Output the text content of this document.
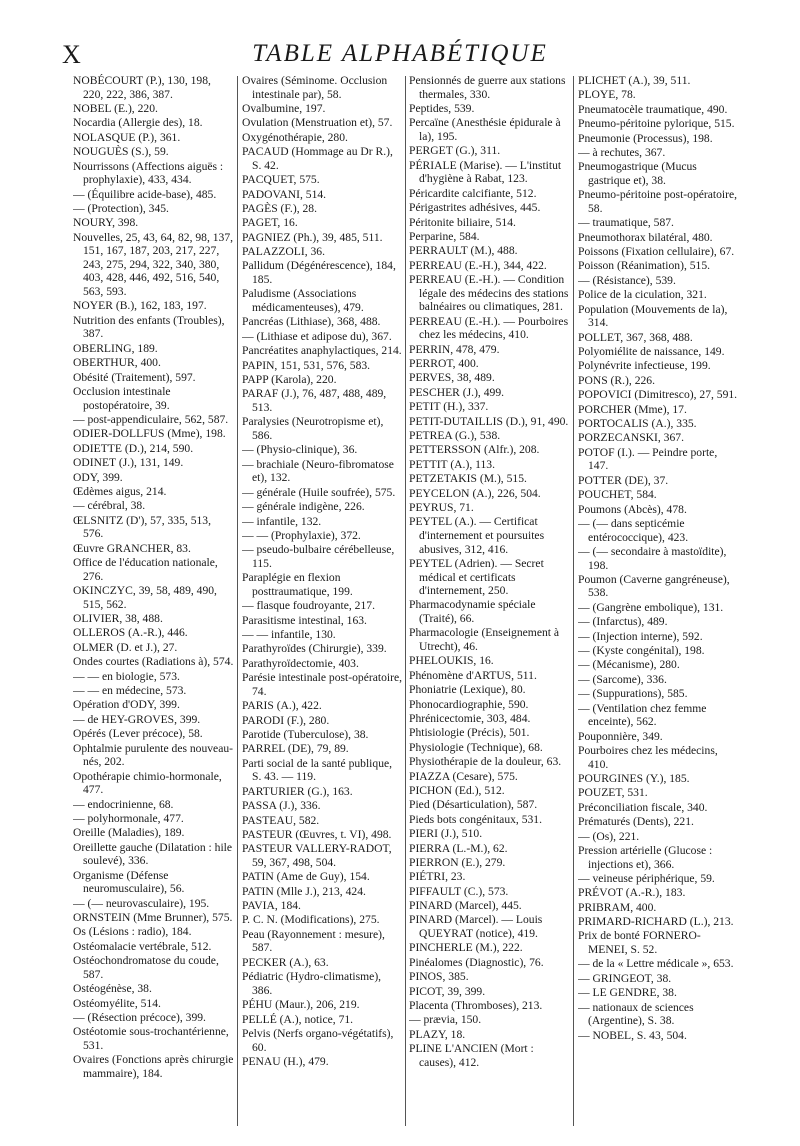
X	TABLE ALPHABÉTIQUE
NOBÉCOURT (P.), 130, 198, 220, 222, 386, 387.
NOBEL (E.), 220.
Nocardia (Allergie des), 18.
NOLASQUE (P.), 361.
NOUGUÈS (S.), 59.
Nourrissons (Affections aiguës : prophylaxie), 433, 434.
— (Équilibre acide-base), 485.
— (Protection), 345.
NOURY, 398.
Nouvelles, 25, 43, 64, 82, 98, 137, 151, 167, 187, 203, 217, 227, 243, 275, 294, 322, 340, 380, 403, 428, 446, 492, 516, 540, 563, 593.
NOYER (B.), 162, 183, 197.
Nutrition des enfants (Troubles), 387.
OBERLING, 189.
OBERTHUR, 400.
Obésité (Traitement), 597.
Occlusion intestinale postopératoire, 39.
— post-appendiculaire, 562, 587.
ODIER-DOLLFUS (Mme), 198.
ODIETTE (D.), 214, 590.
ODINET (J.), 131, 149.
ODY, 399.
Œdèmes aigus, 214.
— cérébral, 38.
ŒLSNITZ (D'), 57, 335, 513, 576.
Œuvre GRANCHER, 83.
Office de l'éducation nationale, 276.
OKINCZYC, 39, 58, 489, 490, 515, 562.
OLIVIER, 38, 488.
OLLEROS (A.-R.), 446.
OLMER (D. et J.), 27.
Ondes courtes (Radiations à), 574.
— — en biologie, 573.
— — en médecine, 573.
Opération d'ODY, 399.
— de HEY-GROVES, 399.
Opérés (Lever précoce), 58.
Ophtalmie purulente des nouveau-nés, 202.
Opothérapie chimio-hormonale, 477.
— endocrinienne, 68.
— polyhormonale, 477.
Oreille (Maladies), 189.
Oreillette gauche (Dilatation : hile soulevé), 336.
Organisme (Défense neuromusculaire), 56.
— (— neurovasculaire), 195.
ORNSTEIN (Mme Brunner), 575.
Os (Lésions : radio), 184.
Ostéomalacie vertébrale, 512.
Ostéochondromatose du coude, 587.
Ostéogénèse, 38.
Ostéomyélite, 514.
— (Résection précoce), 399.
Ostéotomie sous-trochantérienne, 531.
Ovaires (Fonctions après chirurgie mammaire), 184.
Ovaires (Séminome. Occlusion intestinale par), 58.
Ovalbumine, 197.
Ovulation (Menstruation et), 57.
Oxygénothérapie, 280.
PACAUD (Hommage au Dr R.), S. 42.
PACQUET, 575.
PADOVANI, 514.
PAGÈS (F.), 28.
PAGET, 16.
PAGNIEZ (Ph.), 39, 485, 511.
PALAZZOLI, 36.
Pallidum (Dégénérescence), 184, 185.
Paludisme (Associations médicamenteuses), 479.
Pancréas (Lithiase), 368, 488.
— (Lithiase et adipose du), 367.
Pancréatites anaphylactiques, 214.
PAPIN, 151, 531, 576, 583.
PAPP (Karola), 220.
PARAF (J.), 76, 487, 488, 489, 513.
Paralysies (Neurotropisme et), 586.
— (Physio-clinique), 36.
— brachiale (Neuro-fibromatose et), 132.
— générale (Huile soufrée), 575.
— générale indigène, 226.
— infantile, 132.
— — (Prophylaxie), 372.
— pseudo-bulbaire cérébelleuse, 115.
Paraplégie en flexion posttraumatique, 199.
— flasque foudroyante, 217.
Parasitisme intestinal, 163.
— — infantile, 130.
Parathyroïdes (Chirurgie), 339.
Parathyroïdectomie, 403.
Parésie intestinale post-opératoire, 74.
PARIS (A.), 422.
PARODI (F.), 280.
Parotide (Tuberculose), 38.
PARREL (DE), 79, 89.
Parti social de la santé publique, S. 43. — 119.
PARTURIER (G.), 163.
PASSA (J.), 336.
PASTEAU, 582.
PASTEUR (Œuvres, t. VI), 498.
PASTEUR VALLERY-RADOT, 59, 367, 498, 504.
PATIN (Ame de Guy), 154.
PATIN (Mlle J.), 213, 424.
PAVIA, 184.
P. C. N. (Modifications), 275.
Peau (Rayonnement : mesure), 587.
PECKER (A.), 63.
Pédiatric (Hydro-climatisme), 386.
PÉHU (Maur.), 206, 219.
PELLÉ (A.), notice, 71.
Pelvis (Nerfs organo-végétatifs), 60.
PENAU (H.), 479.
Pensionnés de guerre aux stations thermales, 330.
Peptides, 539.
Percaïne (Anesthésie épidurale à la), 195.
PERGET (G.), 311.
PÉRIALE (Marise). — L'institut d'hygiène à Rabat, 123.
Péricardite calcifiante, 512.
Périgastrites adhésives, 445.
Péritonite biliaire, 514.
Perparine, 584.
PERRAULT (M.), 488.
PERREAU (E.-H.), 344, 422.
PERREAU (E.-H.). — Condition légale des médecins des stations balnéaires ou climatiques, 281.
PERREAU (E.-H.). — Pourboires chez les médecins, 410.
PERRIN, 478, 479.
PERROT, 400.
PERVES, 38, 489.
PESCHER (J.), 499.
PETIT (H.), 337.
PETIT-DUTAILLIS (D.), 91, 490.
PETREA (G.), 538.
PETTERSSON (Alfr.), 208.
PETTIT (A.), 113.
PETZETAKIS (M.), 515.
PEYCELON (A.), 226, 504.
PEYRUS, 71.
PEYTEL (A.). — Certificat d'internement et poursuites abusives, 312, 416.
PEYTEL (Adrien). — Secret médical et certificats d'internement, 250.
Pharmacodynamie spéciale (Traité), 66.
Pharmacologie (Enseignement à Utrecht), 46.
PHELOUKIS, 16.
Phénomène d'ARTUS, 511.
Phoniatrie (Lexique), 80.
Phonocardiographie, 590.
Phrénicectomie, 303, 484.
Phtisiologie (Précis), 501.
Physiologie (Technique), 68.
Physiothérapie de la douleur, 63.
PIAZZA (Cesare), 575.
PICHON (Ed.), 512.
Pied (Désarticulation), 587.
Pieds bots congénitaux, 531.
PIERI (J.), 510.
PIERRA (L.-M.), 62.
PIERRON (E.), 279.
PIÉTRI, 23.
PIFFAULT (C.), 573.
PINARD (Marcel), 445.
PINARD (Marcel). — Louis QUEYRAT (notice), 419.
PINCHERLE (M.), 222.
Pinéalomes (Diagnostic), 76.
PINOS, 385.
PICOT, 39, 399.
Placenta (Thromboses), 213.
— prævia, 150.
PLAZY, 18.
PLINE L'ANCIEN (Mort : causes), 412.
PLICHET (A.), 39, 511.
PLOYE, 78.
Pneumatocèle traumatique, 490.
Pneumo-péritoine pylorique, 515.
Pneumonie (Processus), 198.
— à rechutes, 367.
Pneumogastrique (Mucus gastrique et), 38.
Pneumo-péritoine post-opératoire, 58.
— traumatique, 587.
Pneumothorax bilatéral, 480.
Poissons (Fixation cellulaire), 67.
Poisson (Réanimation), 515.
— (Résistance), 539.
Police de la ciculation, 321.
Population (Mouvements de la), 314.
POLLET, 367, 368, 488.
Polyomiélite de naissance, 149.
Polynévrite infectieuse, 199.
PONS (R.), 226.
POPOVICI (Dimitresco), 27, 591.
PORCHER (Mme), 17.
PORTOCALIS (A.), 335.
PORZECANSKI, 367.
POTOF (I.). — Peindre porte, 147.
POTTER (DE), 37.
POUCHET, 584.
Poumons (Abcès), 478.
— (— dans septicémie entérococcique), 423.
— (— secondaire à mastoïdite), 198.
Poumon (Caverne gangréneuse), 538.
— (Gangrène embolique), 131.
— (Infarctus), 489.
— (Injection interne), 592.
— (Kyste congénital), 198.
— (Mécanisme), 280.
— (Sarcome), 336.
— (Suppurations), 585.
— (Ventilation chez femme enceinte), 562.
Pouponnière, 349.
Pourboires chez les médecins, 410.
POURGINES (Y.), 185.
POUZET, 531.
Préconciliation fiscale, 340.
Prématurés (Dents), 221.
— (Os), 221.
Pression artérielle (Glucose : injections et), 366.
— veineuse périphérique, 59.
PRÉVOT (A.-R.), 183.
PRIBRAM, 400.
PRIMARD-RICHARD (L.), 213.
Prix de bonté FORNERO-MENEI, S. 52.
— de la « Lettre médicale », 653.
— GRINGEOT, 38.
— LE GENDRE, 38.
— nationaux de sciences (Argentine), S. 38.
— NOBEL, S. 43, 504.
